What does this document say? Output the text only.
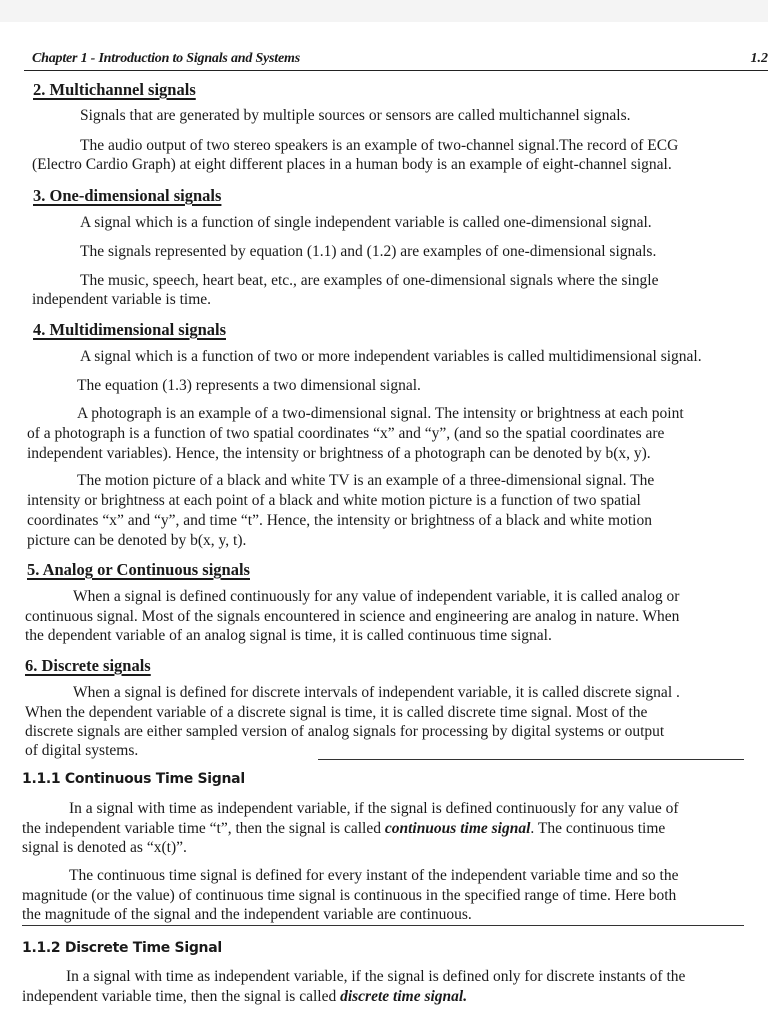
Chapter 1 - Introduction to Signals and Systems	1.2
2. Multichannel signals
Signals that are generated by multiple sources or sensors are called multichannel signals.
The audio output of two stereo speakers is an example of two-channel signal.The record of ECG
(Electro Cardio Graph) at eight different places in a human body is an example of eight-channel signal.
3. One-dimensional signals
A signal which is a function of single independent variable is called one-dimensional signal.
The signals represented by equation (1.1) and (1.2) are examples of one-dimensional signals.
The music, speech, heart beat, etc., are examples of one-dimensional signals where the single
independent variable is time.
4. Multidimensional signals
A signal which is a function of two or more independent variables is called multidimensional signal.
The equation (1.3) represents a two dimensional signal.
A photograph is an example of a two-dimensional signal. The intensity or brightness at each point
of a photograph is a function of two spatial coordinates “x” and “y”, (and so the spatial coordinates are
independent variables). Hence, the intensity or brightness of a photograph can be denoted by b(x, y).
The motion picture of a black and white TV is an example of a three-dimensional signal. The
intensity or brightness at each point of a black and white motion picture is a function of two spatial
coordinates “x” and “y”, and time “t”. Hence, the intensity or brightness of a black and white motion
picture can be denoted by b(x, y, t).
5. Analog or Continuous signals
When a signal is defined continuously for any value of independent variable, it is called analog or
continuous signal. Most of the signals encountered in science and engineering are analog in nature. When
the dependent variable of an analog signal is time, it is called continuous time signal.
6. Discrete signals
When a signal is defined for discrete intervals of independent variable, it is called discrete signal .
When the dependent variable of a discrete signal is time, it is called discrete time signal. Most of the
discrete signals are either sampled version of analog signals for processing by digital systems or output
of digital systems.
1.1.1 Continuous Time Signal
In a signal with time as independent variable, if the signal is defined continuously for any value of
the independent variable time “t”, then the signal is called continuous time signal. The continuous time
signal is denoted as “x(t)”.
The continuous time signal is defined for every instant of the independent variable time and so the
magnitude (or the value) of continuous time signal is continuous in the specified range of time. Here both
the magnitude of the signal and the independent variable are continuous.
1.1.2 Discrete Time Signal
In a signal with time as independent variable, if the signal is defined only for discrete instants of the
independent variable time, then the signal is called discrete time signal.
